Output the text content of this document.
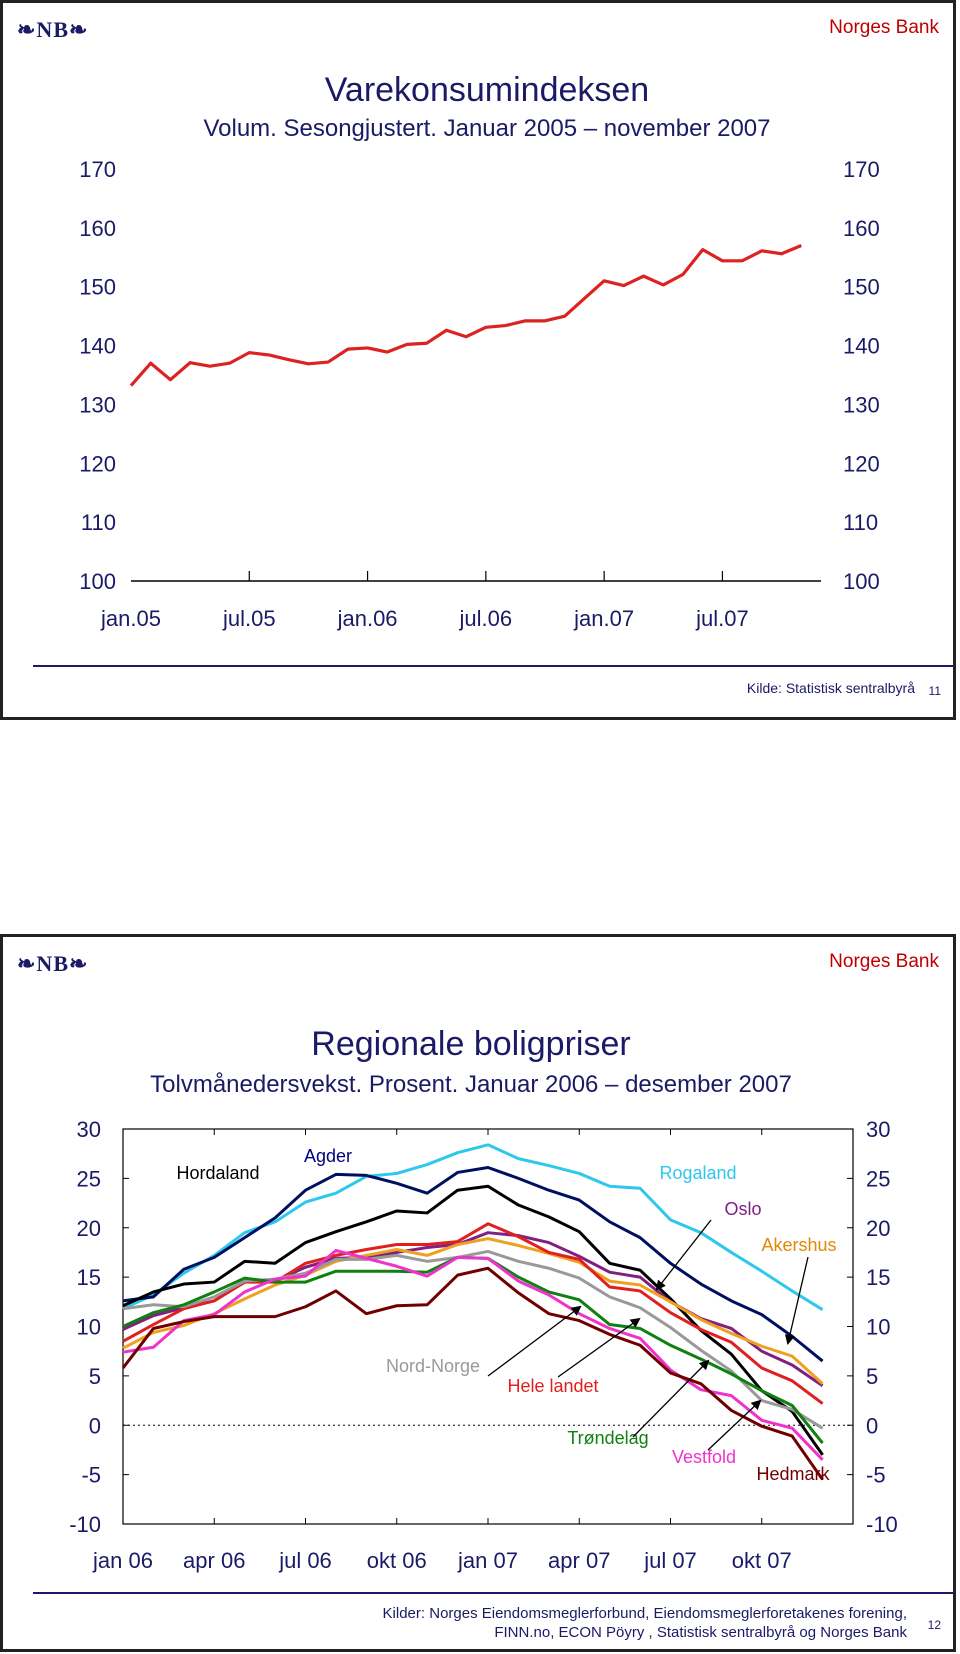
❧NB❧	Norges Bank
Varekonsumindeksen
Volum. Sesongjustert. Januar 2005 – november 2007
Kilde: Statistisk sentralbyrå 11
100	100
110	110
120	120
130	130
140	140
150	150
160	160
170	170
jan.05	jul.05	jan.06	jul.06	jan.07	jul.07
❧NB❧	Norges Bank
Regionale boligpriser
Tolvmånedersvekst. Prosent. Januar 2006 – desember 2007
Kilder: Norges Eiendomsmeglerforbund, Eiendomsmeglerforetakenes forening,
FINN.no, ECON Pöyry , Statistisk sentralbyrå og Norges Bank 12
-10	-10
-5	-5
0	0
5	5
10	10
15	15
20	20
25	25
30	30
jan 06 apr 06 jul 06 okt 06 jan 07 apr 07 jul 07 okt 07
Hordaland
Agder
Rogaland
Oslo
Akershus
Nord-Norge
Hele landet
Trøndelag
Vestfold
Hedmark
